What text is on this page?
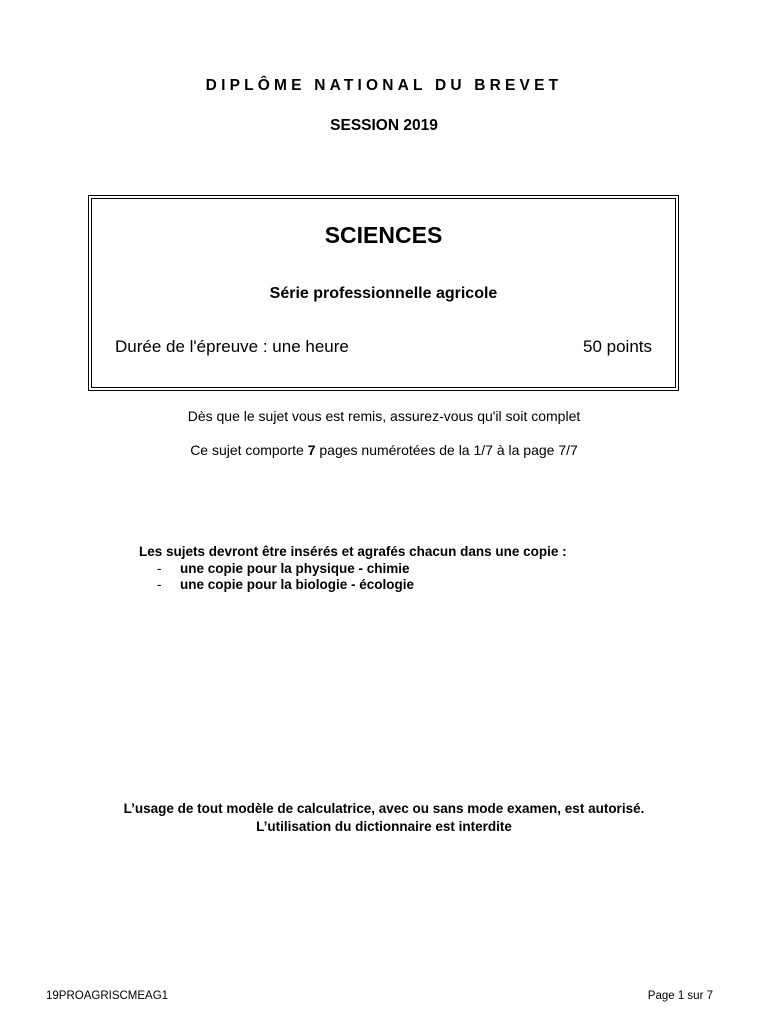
DIPLÔME NATIONAL DU BREVET
SESSION 2019
SCIENCES
Série professionnelle agricole
Durée de l'épreuve : une heure	50 points
Dès que le sujet vous est remis, assurez-vous qu'il soit complet
Ce sujet comporte 7 pages numérotées de la 1/7 à la page 7/7
Les sujets devront être insérés et agrafés chacun dans une copie :
-	une copie pour la physique - chimie
-	une copie pour la biologie - écologie
L’usage de tout modèle de calculatrice, avec ou sans mode examen, est autorisé.
L’utilisation du dictionnaire est interdite
19PROAGRISCMEAG1	Page 1 sur 7
